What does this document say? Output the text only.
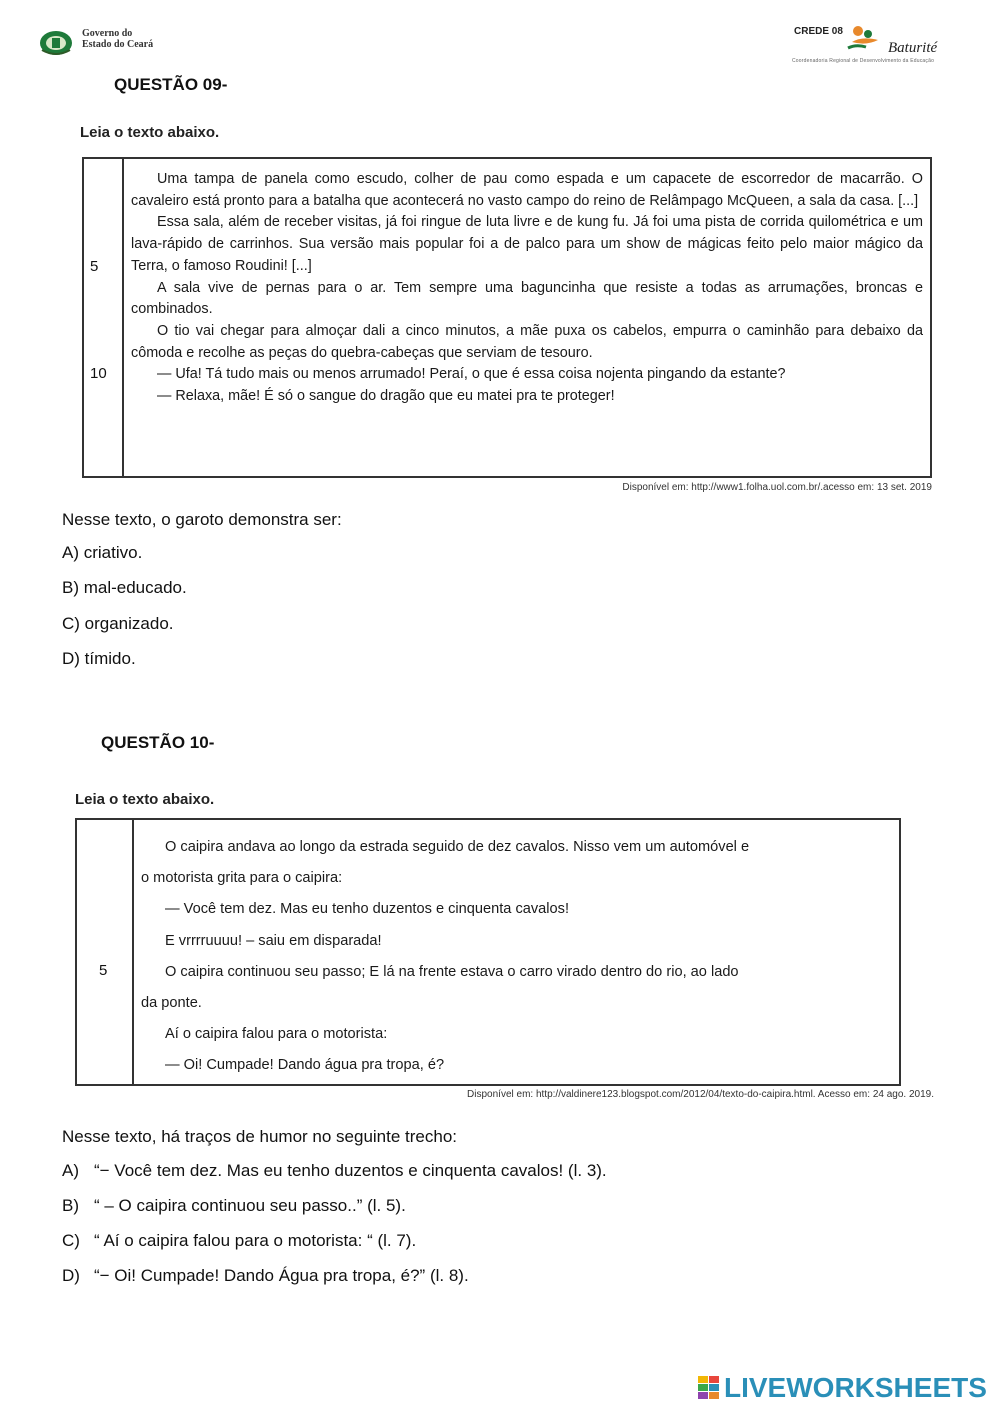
Governo do
Estado do Ceará
CREDE 08
Baturité
Coordenadoria Regional de Desenvolvimento da Educação
QUESTÃO 09-
Leia o texto abaixo.
5
10

Uma tampa de panela como escudo, colher de pau como espada e um capacete de escorredor de macarrão. O cavaleiro está pronto para a batalha que acontecerá no vasto campo do reino de Relâmpago McQueen, a sala da casa. [...]

Essa sala, além de receber visitas, já foi ringue de luta livre e de kung fu. Já foi uma pista de corrida quilométrica e um lava-rápido de carrinhos. Sua versão mais popular foi a de palco para um show de mágicas feito pelo maior mágico da Terra, o famoso Roudini! [...]

A sala vive de pernas para o ar. Tem sempre uma baguncinha que resiste a todas as arrumações, broncas e combinados.

O tio vai chegar para almoçar dali a cinco minutos, a mãe puxa os cabelos, empurra o caminhão para debaixo da cômoda e recolhe as peças do quebra-cabeças que serviam de tesouro.

— Ufa! Tá tudo mais ou menos arrumado! Peraí, o que é essa coisa nojenta pingando da estante?

— Relaxa, mãe! É só o sangue do dragão que eu matei pra te proteger!

Disponível em: http://www1.folha.uol.com.br/.acesso em: 13 set. 2019
Nesse texto, o garoto demonstra ser:
A) criativo.
B) mal-educado.
C) organizado.
D) tímido.
QUESTÃO 10-
Leia o texto abaixo.
5

O caipira andava ao longo da estrada seguido de dez cavalos. Nisso vem um automóvel e

o motorista grita para o caipira:

— Você tem dez. Mas eu tenho duzentos e cinquenta cavalos!

E vrrrruuuu! – saiu em disparada!

O caipira continuou seu passo; E lá na frente estava o carro virado dentro do rio, ao lado

da ponte.

Aí o caipira falou para o motorista:

— Oi! Cumpade! Dando água pra tropa, é?

Disponível em: http://valdinere123.blogspot.com/2012/04/texto-do-caipira.html. Acesso em: 24 ago. 2019.
Nesse texto, há traços de humor no seguinte trecho:
A) “− Você tem dez. Mas eu tenho duzentos e cinquenta cavalos! (l. 3).
B) “ – O caipira continuou seu passo..” (l. 5).
C) “ Aí o caipira falou para o motorista: “ (l. 7).
D) “− Oi! Cumpade! Dando Água pra tropa, é?” (l. 8).
LIVEWORKSHEETS
